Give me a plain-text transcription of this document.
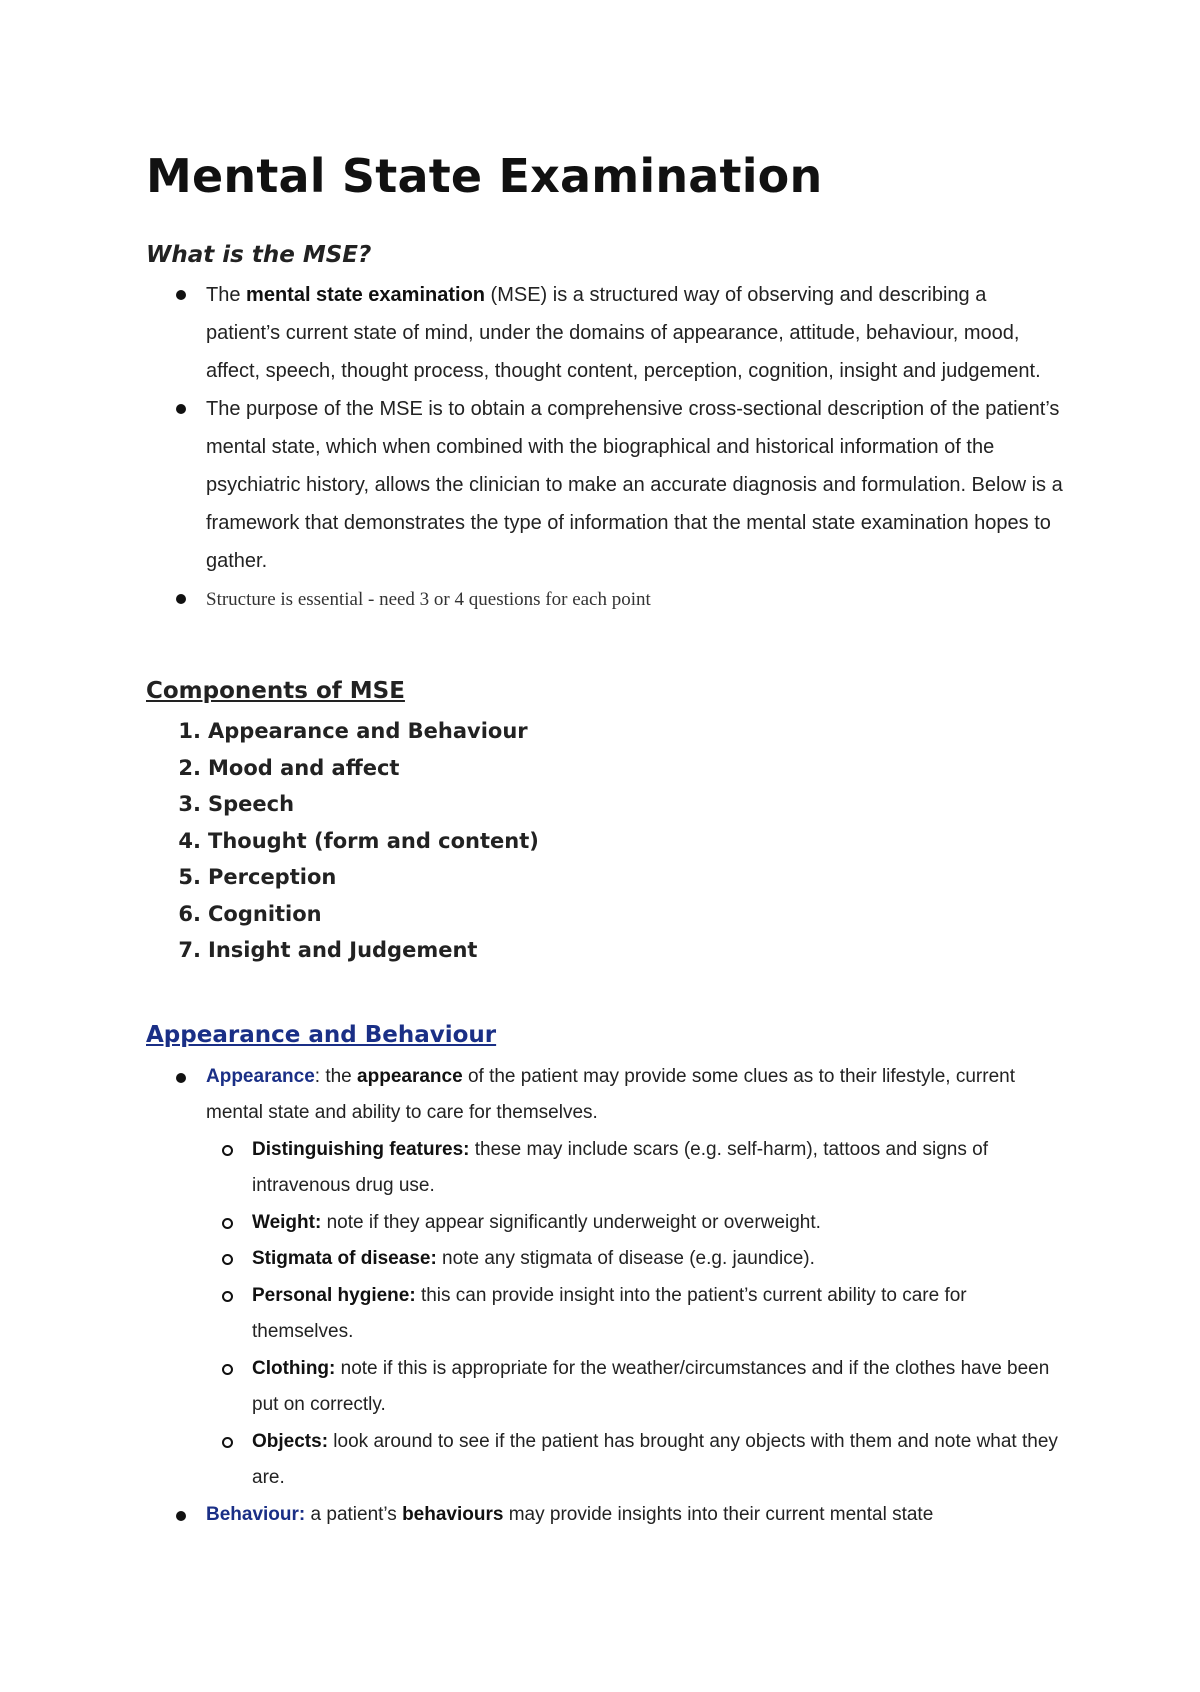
Mental State Examination
What is the MSE?
The mental state examination (MSE) is a structured way of observing and describing a patient’s current state of mind, under the domains of appearance, attitude, behaviour, mood, affect, speech, thought process, thought content, perception, cognition, insight and judgement.
The purpose of the MSE is to obtain a comprehensive cross-sectional description of the patient’s mental state, which when combined with the biographical and historical information of the psychiatric history, allows the clinician to make an accurate diagnosis and formulation. Below is a framework that demonstrates the type of information that the mental state examination hopes to gather.
Structure is essential - need 3 or 4 questions for each point
Components of MSE
1. Appearance and Behaviour
2. Mood and affect
3. Speech
4. Thought (form and content)
5. Perception
6. Cognition
7. Insight and Judgement
Appearance and Behaviour
Appearance: the appearance of the patient may provide some clues as to their lifestyle, current mental state and ability to care for themselves.
Distinguishing features: these may include scars (e.g. self-harm), tattoos and signs of intravenous drug use.
Weight: note if they appear significantly underweight or overweight.
Stigmata of disease: note any stigmata of disease (e.g. jaundice).
Personal hygiene: this can provide insight into the patient’s current ability to care for themselves.
Clothing: note if this is appropriate for the weather/circumstances and if the clothes have been put on correctly.
Objects: look around to see if the patient has brought any objects with them and note what they are.
Behaviour: a patient’s behaviours may provide insights into their current mental state
